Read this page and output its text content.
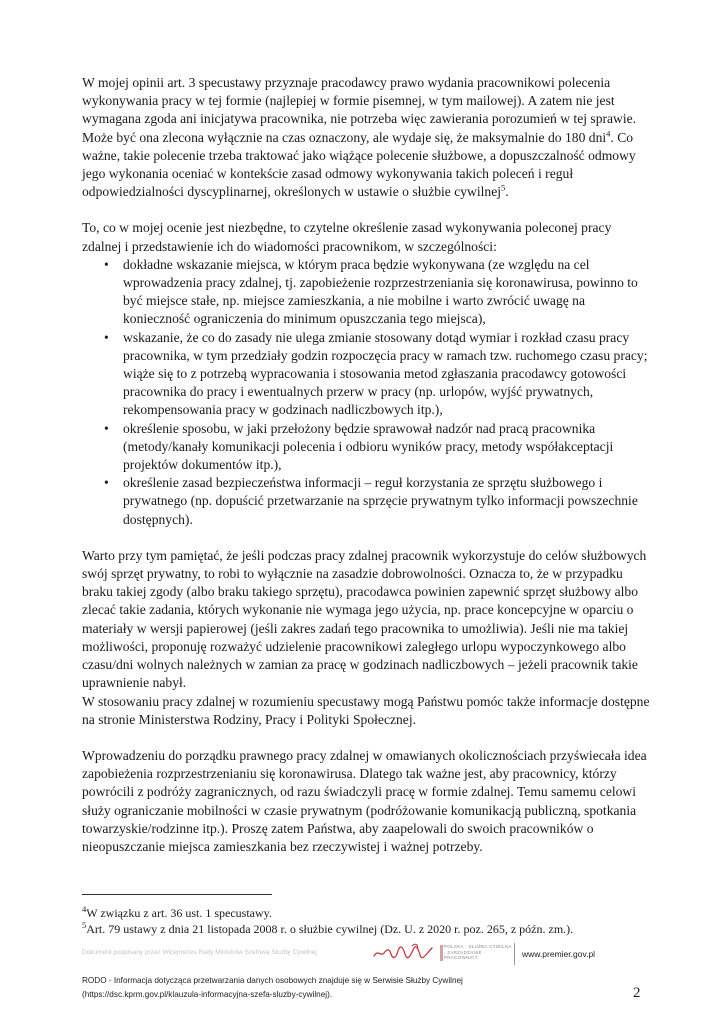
W mojej opinii art. 3 specustawy przyznaje pracodawcy prawo wydania pracownikowi polecenia wykonywania pracy w tej formie (najlepiej w formie pisemnej, w tym mailowej). A zatem nie jest wymagana zgoda ani inicjatywa pracownika, nie potrzeba więc zawierania porozumień w tej sprawie. Może być ona zlecona wyłącznie na czas oznaczony, ale wydaje się, że maksymalnie do 180 dni$^4$. Co ważne, takie polecenie trzeba traktować jako wiążące polecenie służbowe, a dopuszczalność odmowy jego wykonania oceniać w kontekście zasad odmowy wykonywania takich poleceń i reguł odpowiedzialności dyscyplinarnej, określonych w ustawie o służbie cywilnej$^5$.

To, co w mojej ocenie jest niezbędne, to czytelne określenie zasad wykonywania poleconej pracy zdalnej i przedstawienie ich do wiadomości pracownikom, w szczególności:

• dokładne wskazanie miejsca, w którym praca będzie wykonywana (ze względu na cel wprowadzenia pracy zdalnej, tj. zapobieżenie rozprzestrzeniania się koronawirusa, powinno to być miejsce stałe, np. miejsce zamieszkania, a nie mobilne i warto zwrócić uwagę na konieczność ograniczenia do minimum opuszczania tego miejsca),
• wskazanie, że co do zasady nie ulega zmianie stosowany dotąd wymiar i rozkład czasu pracy pracownika, w tym przedziały godzin rozpoczęcia pracy w ramach tzw. ruchomego czasu pracy; wiąże się to z potrzebą wypracowania i stosowania metod zgłaszania pracodawcy gotowości pracownika do pracy i ewentualnych przerw w pracy (np. urlopów, wyjść prywatnych, rekompensowania pracy w godzinach nadliczbowych itp.),
• określenie sposobu, w jaki przełożony będzie sprawował nadzór nad pracą pracownika (metody/kanały komunikacji polecenia i odbioru wyników pracy, metody współakceptacji projektów dokumentów itp.),
• określenie zasad bezpieczeństwa informacji – reguł korzystania ze sprzętu służbowego i prywatnego (np. dopuścić przetwarzanie na sprzęcie prywatnym tylko informacji powszechnie dostępnych).

Warto przy tym pamiętać, że jeśli podczas pracy zdalnej pracownik wykorzystuje do celów służbowych swój sprzęt prywatny, to robi to wyłącznie na zasadzie dobrowolności. Oznacza to, że w przypadku braku takiej zgody (albo braku takiego sprzętu), pracodawca powinien zapewnić sprzęt służbowy albo zlecać takie zadania, których wykonanie nie wymaga jego użycia, np. prace koncepcyjne w oparciu o materiały w wersji papierowej (jeśli zakres zadań tego pracownika to umożliwia). Jeśli nie ma takiej możliwości, proponuję rozważyć udzielenie pracownikowi zaległego urlopu wypoczynkowego albo czasu/dni wolnych należnych w zamian za pracę w godzinach nadliczbowych – jeżeli pracownik takie uprawnienie nabył.

W stosowaniu pracy zdalnej w rozumieniu specustawy mogą Państwu pomóc także informacje dostępne na stronie Ministerstwa Rodziny, Pracy i Polityki Społecznej.

Wprowadzeniu do porządku prawnego pracy zdalnej w omawianych okolicznościach przyświecała idea zapobieżenia rozprzestrzenianiu się koronawirusa. Dlatego tak ważne jest, aby pracownicy, którzy powrócili z podróży zagranicznych, od razu świadczyli pracę w formie zdalnej. Temu samemu celowi służy ograniczanie mobilności w czasie prywatnym (podróżowanie komunikacją publiczną, spotkania towarzyskie/rodzinne itp.). Proszę zatem Państwa, aby zaapelowali do swoich pracowników o nieopuszczanie miejsca zamieszkania bez rzeczywistej i ważnej potrzeby.

$^4$W związku z art. 36 ust. 1 specustawy.

$^5$Art. 79 ustawy z dnia 21 listopada 2008 r. o służbie cywilnej (Dz. U. z 2020 r. poz. 265, z późn. zm.).

Dokument podpisany przez Wiceprezes Rady Ministrów Szefową Służby Cywilnej
POLSKA · SŁUŻBA CYWILNA · ZARZĄDZANIE · PRACOWNICY	www.premier.gov.pl

RODO - Informacja dotycząca przetwarzania danych osobowych znajduje się w Serwisie Służby Cywilnej

(https://dsc.kprm.gov.pl/klauzula-informacyjna-szefa-sluzby-cywilnej).	2
